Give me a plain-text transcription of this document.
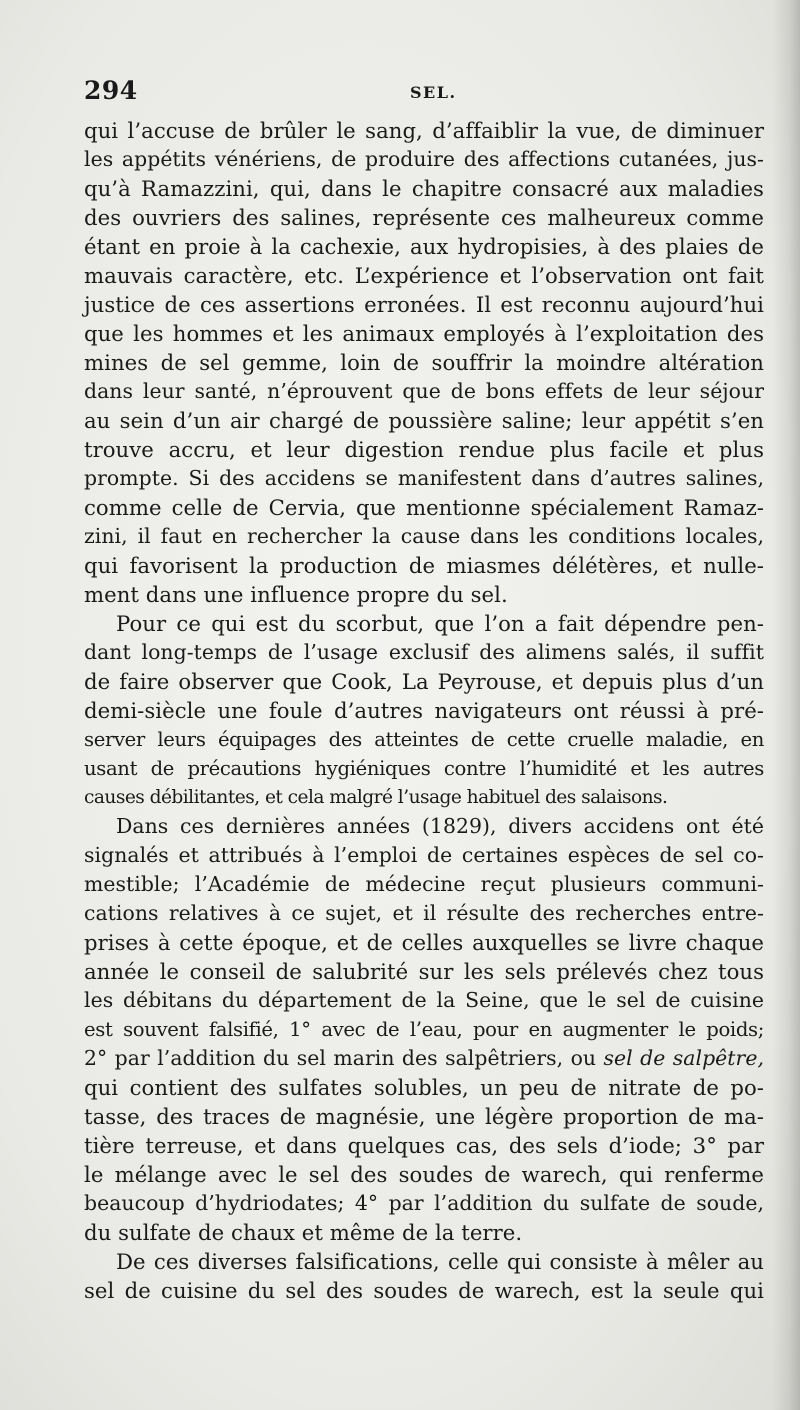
294	SEL.
qui l’accuse de brûler le sang, d’affaiblir la vue, de diminuer
les appétits vénériens, de produire des affections cutanées, jus-
qu’à Ramazzini, qui, dans le chapitre consacré aux maladies
des ouvriers des salines, représente ces malheureux comme
étant en proie à la cachexie, aux hydropisies, à des plaies de
mauvais caractère, etc. L’expérience et l’observation ont fait
justice de ces assertions erronées. Il est reconnu aujourd’hui
que les hommes et les animaux employés à l’exploitation des
mines de sel gemme, loin de souffrir la moindre altération
dans leur santé, n’éprouvent que de bons effets de leur séjour
au sein d’un air chargé de poussière saline; leur appétit s’en
trouve accru, et leur digestion rendue plus facile et plus
prompte. Si des accidens se manifestent dans d’autres salines,
comme celle de Cervia, que mentionne spécialement Ramaz-
zini, il faut en rechercher la cause dans les conditions locales,
qui favorisent la production de miasmes délétères, et nulle-
ment dans une influence propre du sel.
Pour ce qui est du scorbut, que l’on a fait dépendre pen-
dant long-temps de l’usage exclusif des alimens salés, il suffit
de faire observer que Cook, La Peyrouse, et depuis plus d’un
demi-siècle une foule d’autres navigateurs ont réussi à pré-
server leurs équipages des atteintes de cette cruelle maladie, en
usant de précautions hygiéniques contre l’humidité et les autres
causes débilitantes, et cela malgré l’usage habituel des salaisons.
Dans ces dernières années (1829), divers accidens ont été
signalés et attribués à l’emploi de certaines espèces de sel co-
mestible; l’Académie de médecine reçut plusieurs communi-
cations relatives à ce sujet, et il résulte des recherches entre-
prises à cette époque, et de celles auxquelles se livre chaque
année le conseil de salubrité sur les sels prélevés chez tous
les débitans du département de la Seine, que le sel de cuisine
est souvent falsifié, 1° avec de l’eau, pour en augmenter le poids;
2° par l’addition du sel marin des salpêtriers, ou sel de salpêtre,
qui contient des sulfates solubles, un peu de nitrate de po-
tasse, des traces de magnésie, une légère proportion de ma-
tière terreuse, et dans quelques cas, des sels d’iode; 3° par
le mélange avec le sel des soudes de warech, qui renferme
beaucoup d’hydriodates; 4° par l’addition du sulfate de soude,
du sulfate de chaux et même de la terre.
De ces diverses falsifications, celle qui consiste à mêler au
sel de cuisine du sel des soudes de warech, est la seule qui
